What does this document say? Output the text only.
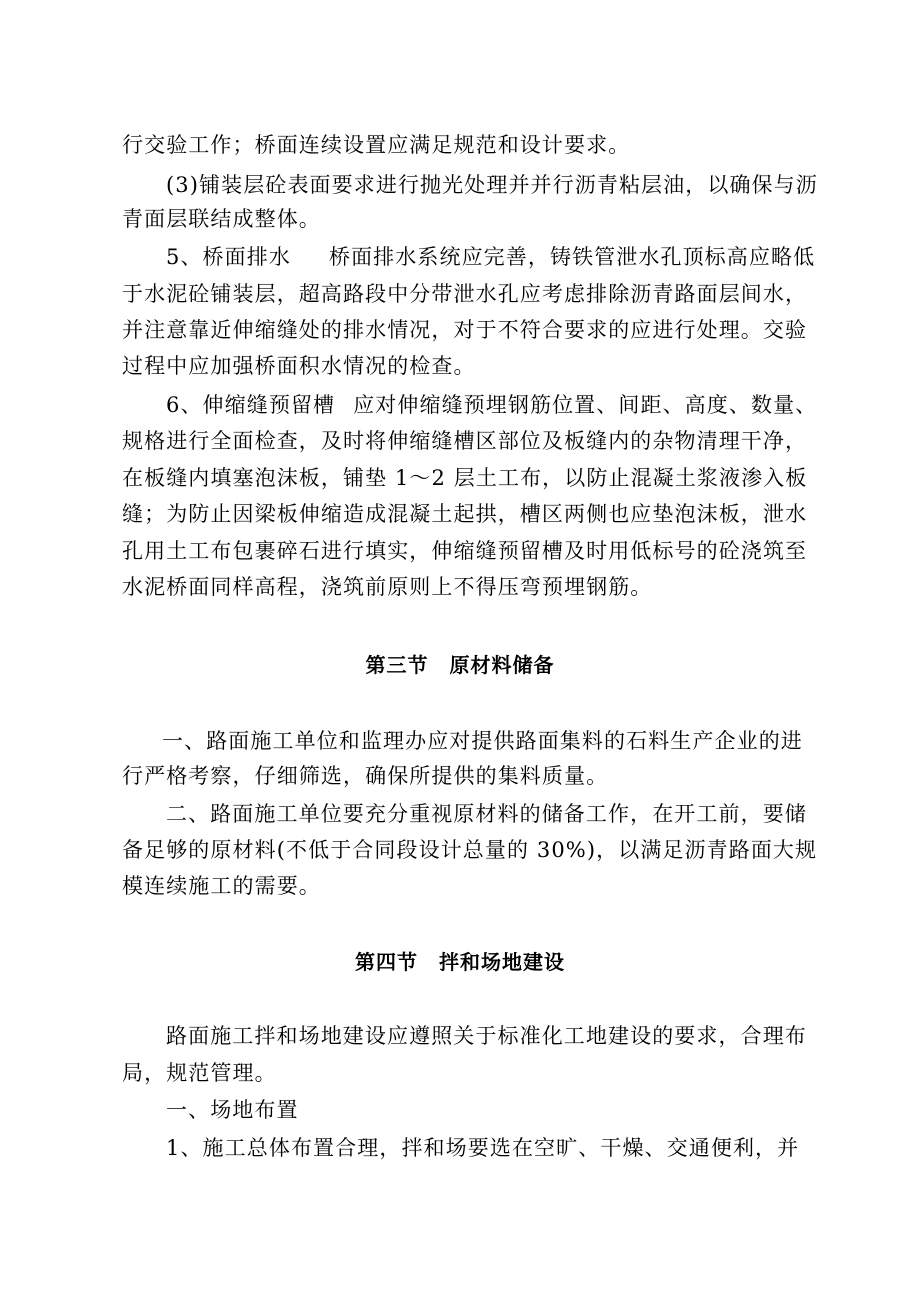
行交验工作；桥面连续设置应满足规范和设计要求。

(3)铺装层砼表面要求进行抛光处理并并行沥青粘层油，以确保与沥

青面层联结成整体。

5、桥面排水 桥面排水系统应完善，铸铁管泄水孔顶标高应略低

于水泥砼铺装层，超高路段中分带泄水孔应考虑排除沥青路面层间水，

并注意靠近伸缩缝处的排水情况，对于不符合要求的应进行处理。交验

过程中应加强桥面积水情况的检查。

6、伸缩缝预留槽 应对伸缩缝预埋钢筋位置、间距、高度、数量、

规格进行全面检查，及时将伸缩缝槽区部位及板缝内的杂物清理干净，

在板缝内填塞泡沫板，铺垫 1～2 层土工布，以防止混凝土浆液渗入板

缝；为防止因梁板伸缩造成混凝土起拱，槽区两侧也应垫泡沫板，泄水

孔用土工布包裹碎石进行填实，伸缩缝预留槽及时用低标号的砼浇筑至

水泥桥面同样高程，浇筑前原则上不得压弯预埋钢筋。

第三节　原材料储备

一、路面施工单位和监理办应对提供路面集料的石料生产企业的进

行严格考察，仔细筛选，确保所提供的集料质量。

二、路面施工单位要充分重视原材料的储备工作，在开工前，要储

备足够的原材料(不低于合同段设计总量的 30%)，以满足沥青路面大规

模连续施工的需要。

第四节　拌和场地建设

路面施工拌和场地建设应遵照关于标准化工地建设的要求，合理布

局，规范管理。

一、场地布置

1、施工总体布置合理，拌和场要选在空旷、干燥、交通便利，并
